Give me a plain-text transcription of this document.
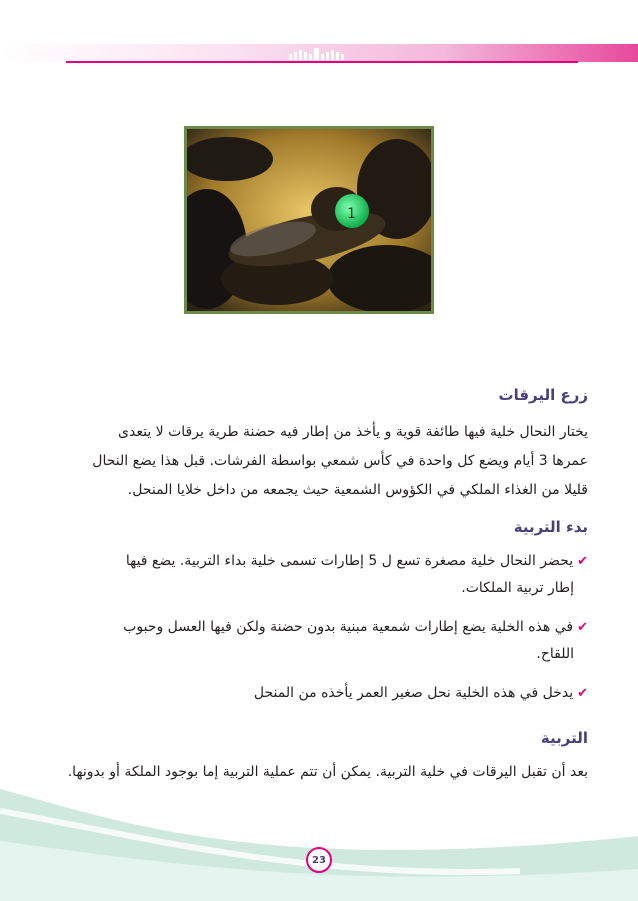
1
زرع اليرقات

يختار النحال خلية فيها طائفة قوية و يأخذ من إطار فيه حضنة طرية يرقات لا يتعدى

عمرها 3 أيام ويضع كل واحدة في كأس شمعي بواسطة الفرشات. قبل هذا يضع النحال

قليلا من الغذاء الملكي في الكؤوس الشمعية حيث يجمعه من داخل خلايا المنحل.

بدء التربية
✔يحضر النحال خلية مصغرة تسع ل 5 إطارات تسمى خلية بداء التربية. يضع فيها
إطار تربية الملكات.
✔في هذه الخلية يضع إطارات شمعية مبنية بدون حضنة ولكن فيها العسل وحبوب
اللقاح.
✔يدخل في هذه الخلية نحل صغير العمر يأخذه من المنحل
التربية

بعد أن تقبل اليرقات في خلية التربية. يمكن أن تتم عملية التربية إما بوجود الملكة أو بدونها.

23
